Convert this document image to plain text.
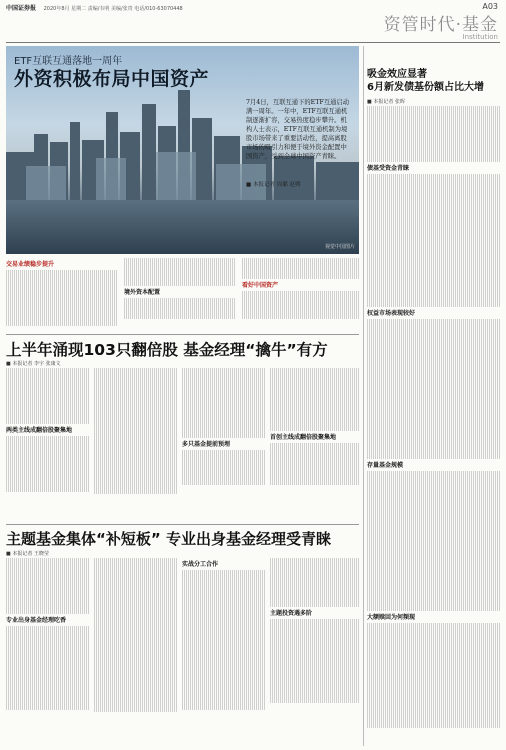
中国证券报 2020年8月 星期二 责编/韦明 美编/张贵 电话/010-63070448	A03
资管时代·基金
Institution
ETF互联互通落地一周年
外资积极布局中国资产
7月4日，互联互通下的ETF互通启动满一周年。一年中，ETF互联互通机制逐渐扩容，交易热度稳步攀升。机构人士表示，ETF互联互通机制为境股市场带来了重要活动性，提高离股市场的吸引力和便于境外资金配置中国资产，受到全球中国资产青睐。
■ 本报记者 周璐 赵朔
视觉中国图片
交易业绩稳步提升
境外资本配置
看好中国资产
上半年涌现103只翻倍股 基金经理“擒牛”有方
■ 本报记者 李宇 张康文
两类主线成翻倍股聚集地
多只基金提前预埋
首创主线成翻倍股聚集地
主题基金集体“补短板” 专业出身基金经理受青睐
■ 本报记者 王晓莹
专业出身基金经理吃香
实战分工合作
主题投资遇多阶
吸金效应显著
6月新发债基份额占比大增
■ 本报记者 张晖
债基受资金青睐
权益市场表现较好
存量基金规模
大额赎回为何频现
